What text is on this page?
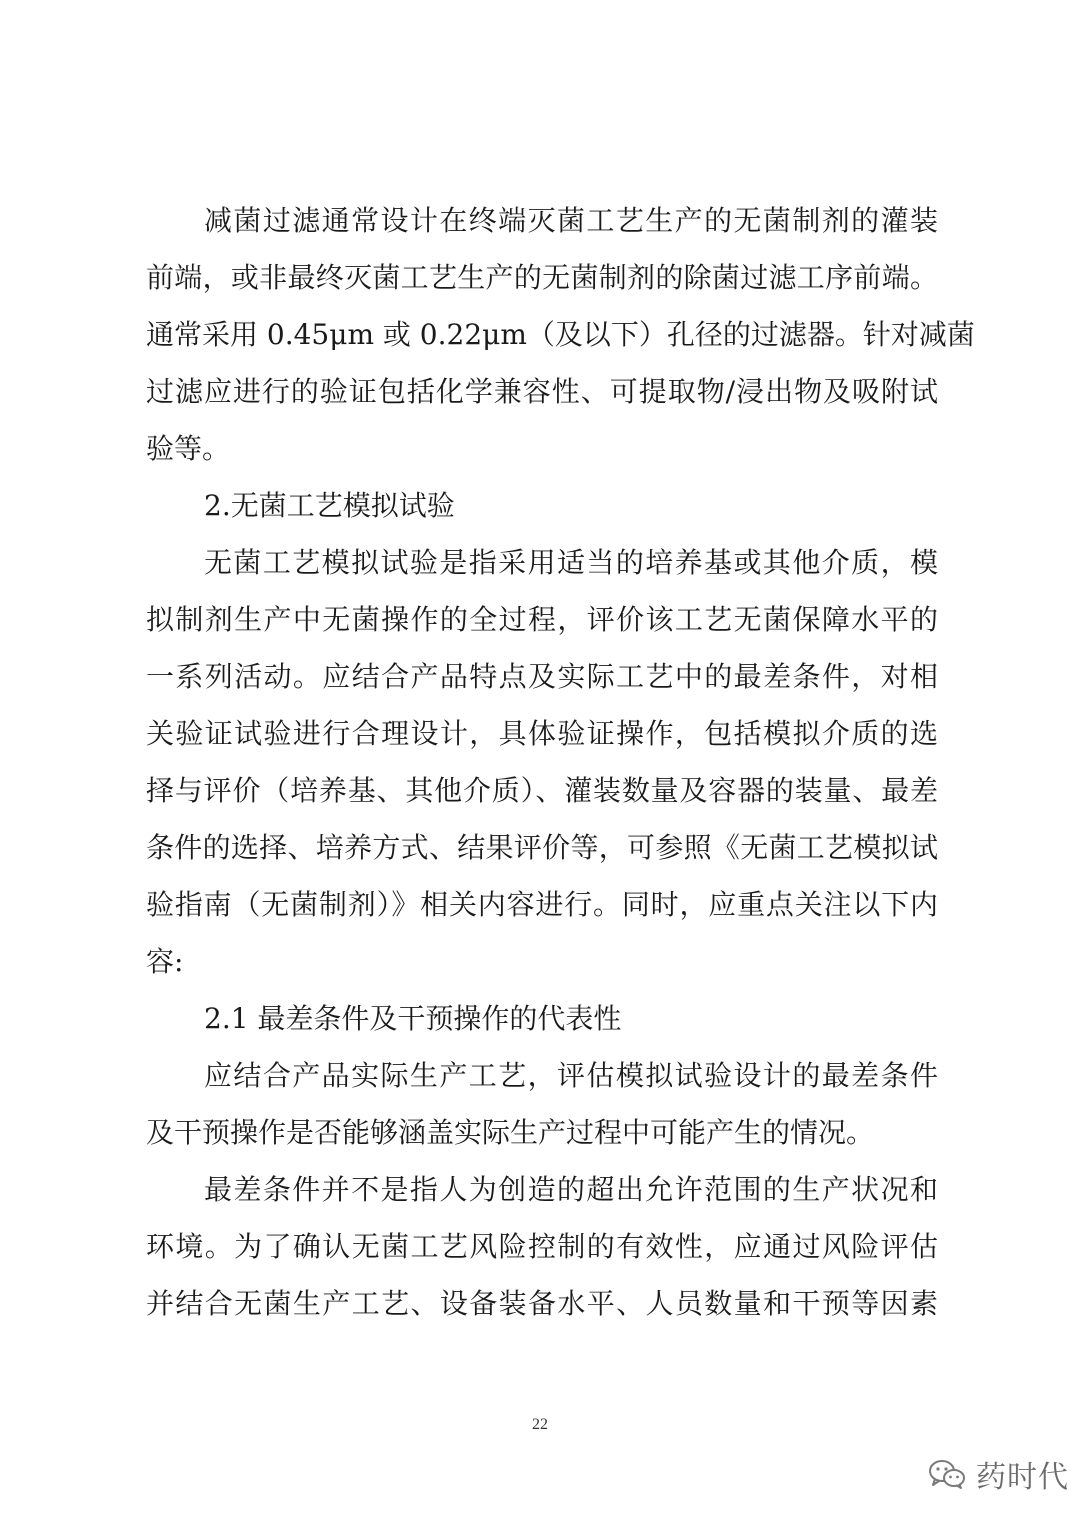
减菌过滤通常设计在终端灭菌工艺生产的无菌制剂的灌装
前端，或非最终灭菌工艺生产的无菌制剂的除菌过滤工序前端。
通常采用 0.45μm 或 0.22μm（及以下）孔径的过滤器。针对减菌
过滤应进行的验证包括化学兼容性、可提取物/浸出物及吸附试
验等。
2.无菌工艺模拟试验
无菌工艺模拟试验是指采用适当的培养基或其他介质，模
拟制剂生产中无菌操作的全过程，评价该工艺无菌保障水平的
一系列活动。应结合产品特点及实际工艺中的最差条件，对相
关验证试验进行合理设计，具体验证操作，包括模拟介质的选
择与评价（培养基、其他介质）、灌装数量及容器的装量、最差
条件的选择、培养方式、结果评价等，可参照《无菌工艺模拟试
验指南（无菌制剂）》相关内容进行。同时，应重点关注以下内
容:
2.1 最差条件及干预操作的代表性
应结合产品实际生产工艺，评估模拟试验设计的最差条件
及干预操作是否能够涵盖实际生产过程中可能产生的情况。
最差条件并不是指人为创造的超出允许范围的生产状况和
环境。为了确认无菌工艺风险控制的有效性，应通过风险评估
并结合无菌生产工艺、设备装备水平、人员数量和干预等因素
22
药时代
